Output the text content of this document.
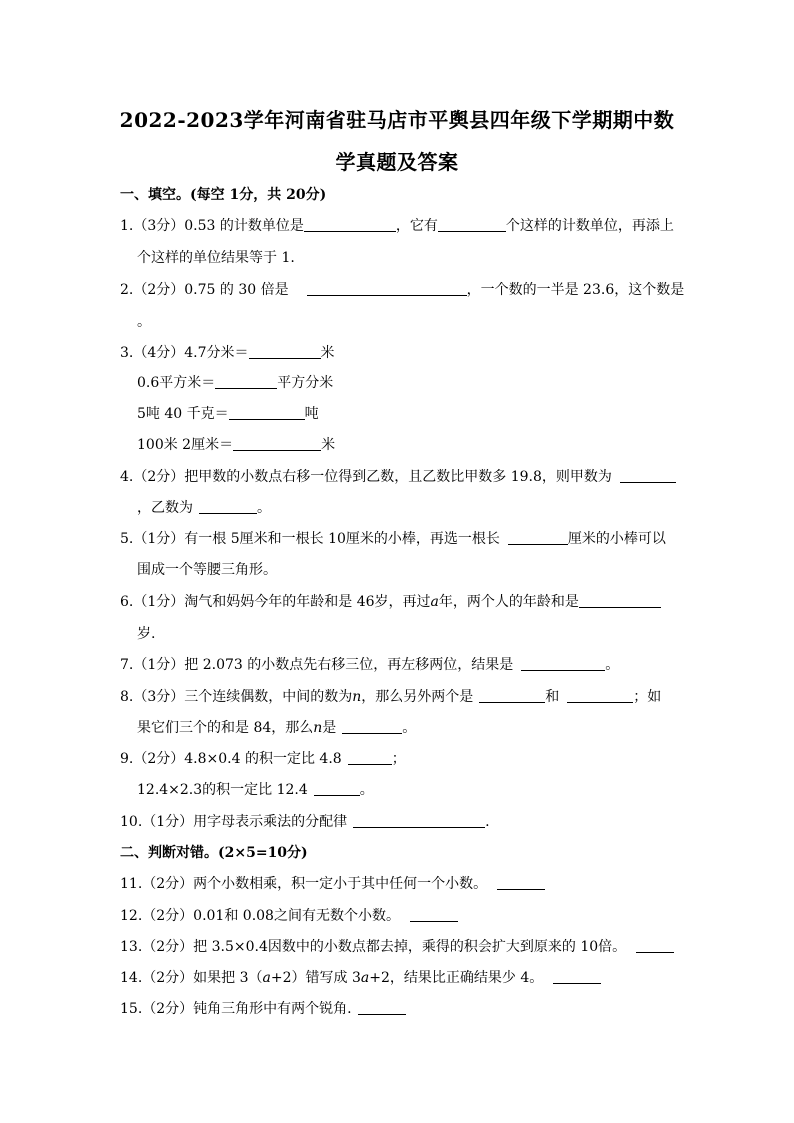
2022-2023学年河南省驻马店市平舆县四年级下学期期中数
学真题及答案
一、填空。(每空 1分，共 20分)
1.（3分）0.53 的计数单位是	，它有	个这样的计数单位，再添上
个这样的单位结果等于 1.
2.（2分）0.75 的 30 倍是	，一个数的一半是 23.6，这个数是
。
3.（4分）4.7分米＝	米
0.6平方米＝	平方分米
5吨 40 千克＝	吨
100米 2厘米＝	米
4.（2分）把甲数的小数点右移一位得到乙数，且乙数比甲数多 19.8，则甲数为
，乙数为	。
5.（1分）有一根 5厘米和一根长 10厘米的小棒，再选一根长	厘米的小棒可以
围成一个等腰三角形。
6.（1分）淘气和妈妈今年的年龄和是 46岁，再过a年，两个人的年龄和是
岁.
7.（1分）把 2.073 的小数点先右移三位，再左移两位，结果是	。
8.（3分）三个连续偶数，中间的数为n，那么另外两个是	和	；如
果它们三个的和是 84，那么n是	。
9.（2分）4.8×0.4 的积一定比 4.8	；
12.4×2.3的积一定比 12.4	。
10.（1分）用字母表示乘法的分配律	.
二、判断对错。(2×5=10分)
11.（2分）两个小数相乘，积一定小于其中任何一个小数。
12.（2分）0.01和 0.08之间有无数个小数。
13.（2分）把 3.5×0.4因数中的小数点都去掉，乘得的积会扩大到原来的 10倍。
14.（2分）如果把 3（a+2）错写成 3a+2，结果比正确结果少 4。
15.（2分）钝角三角形中有两个锐角.
